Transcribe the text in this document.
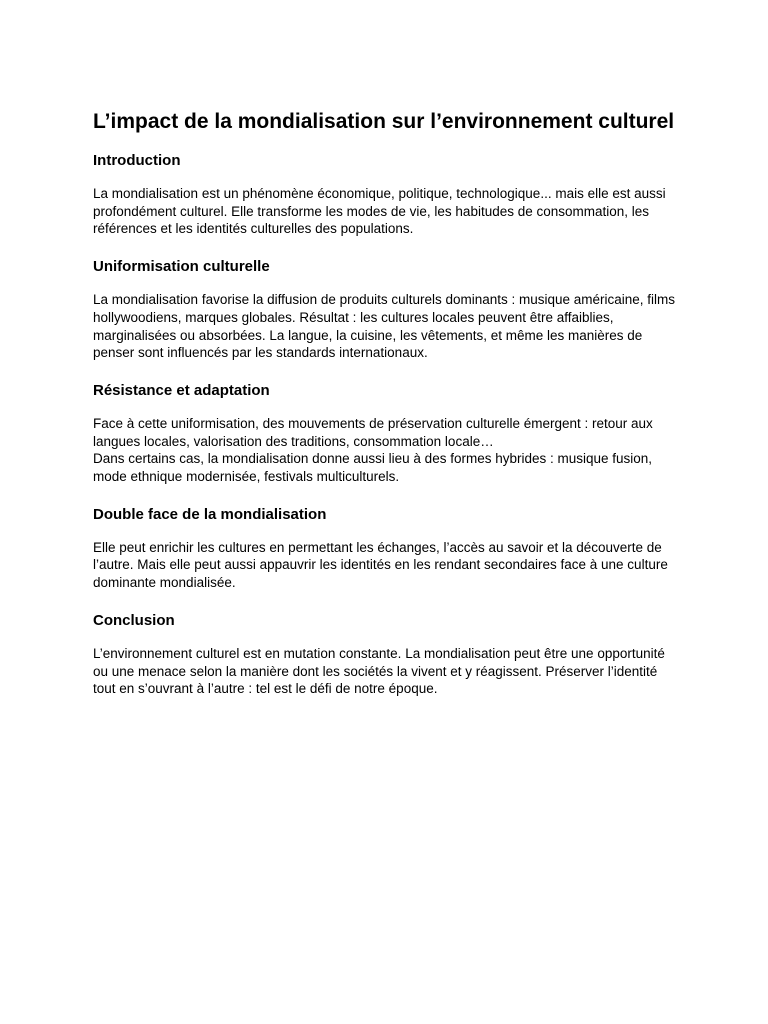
L’impact de la mondialisation sur l’environnement culturel
Introduction

La mondialisation est un phénomène économique, politique, technologique... mais elle est aussi profondément culturel. Elle transforme les modes de vie, les habitudes de consommation, les références et les identités culturelles des populations.

Uniformisation culturelle

La mondialisation favorise la diffusion de produits culturels dominants : musique américaine, films hollywoodiens, marques globales. Résultat : les cultures locales peuvent être affaiblies, marginalisées ou absorbées. La langue, la cuisine, les vêtements, et même les manières de penser sont influencés par les standards internationaux.

Résistance et adaptation

Face à cette uniformisation, des mouvements de préservation culturelle émergent : retour aux langues locales, valorisation des traditions, consommation locale…
Dans certains cas, la mondialisation donne aussi lieu à des formes hybrides : musique fusion, mode ethnique modernisée, festivals multiculturels.

Double face de la mondialisation

Elle peut enrichir les cultures en permettant les échanges, l’accès au savoir et la découverte de l’autre. Mais elle peut aussi appauvrir les identités en les rendant secondaires face à une culture dominante mondialisée.

Conclusion

L’environnement culturel est en mutation constante. La mondialisation peut être une opportunité ou une menace selon la manière dont les sociétés la vivent et y réagissent. Préserver l’identité tout en s’ouvrant à l’autre : tel est le défi de notre époque.
